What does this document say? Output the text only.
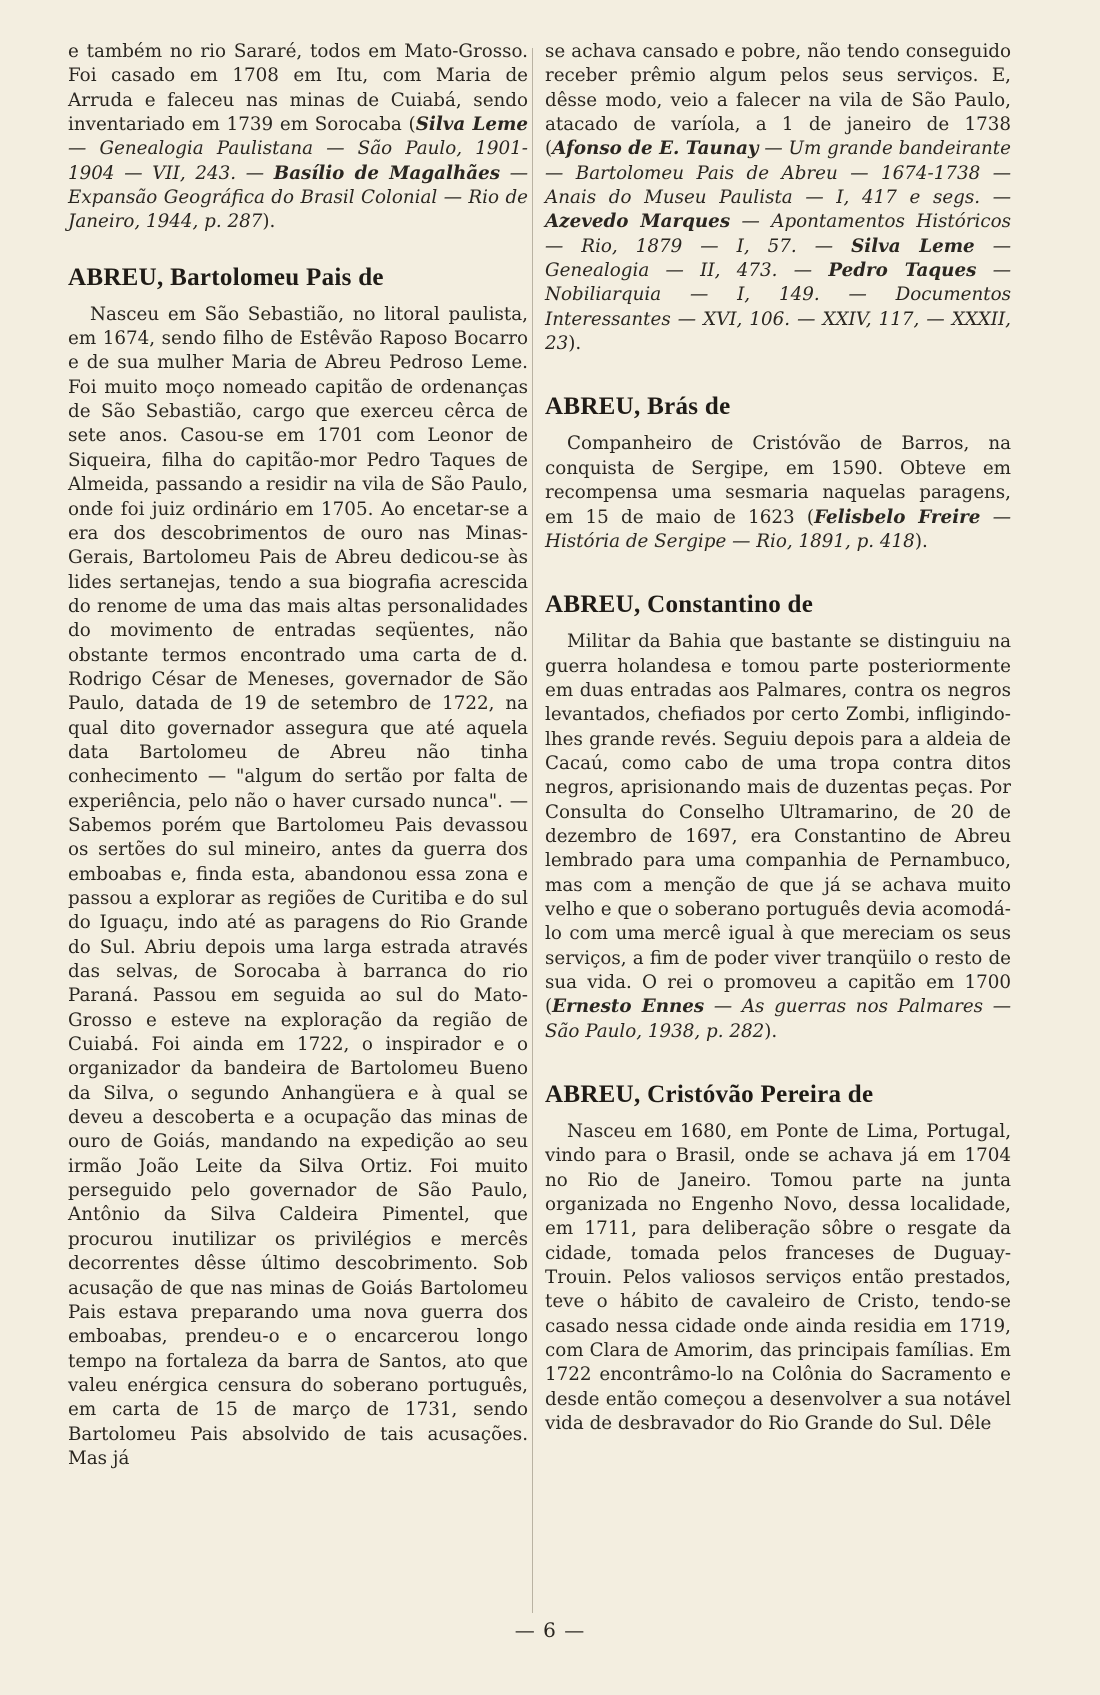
e também no rio Sararé, todos em Mato-Grosso. Foi casado em 1708 em Itu, com Maria de Arruda e faleceu nas minas de Cuiabá, sendo inventariado em 1739 em Sorocaba (Silva Leme — Genealogia Paulistana — São Paulo, 1901-1904 — VII, 243. — Basílio de Magalhães — Expansão Geográfica do Brasil Colonial — Rio de Janeiro, 1944, p. 287).

ABREU, Bartolomeu Pais de

Nasceu em São Sebastião, no litoral paulista, em 1674, sendo filho de Estêvão Raposo Bocarro e de sua mulher Maria de Abreu Pedroso Leme. Foi muito moço nomeado capitão de ordenanças de São Sebastião, cargo que exerceu cêrca de sete anos. Casou-se em 1701 com Leonor de Siqueira, filha do capitão-mor Pedro Taques de Almeida, passando a residir na vila de São Paulo, onde foi juiz ordinário em 1705. Ao encetar-se a era dos descobrimentos de ouro nas Minas-Gerais, Bartolomeu Pais de Abreu dedicou-se às lides sertanejas, tendo a sua biografia acrescida do renome de uma das mais altas personalidades do movimento de entradas seqüentes, não obstante termos encontrado uma carta de d. Rodrigo César de Meneses, governador de São Paulo, datada de 19 de setembro de 1722, na qual dito governador assegura que até aquela data Bartolomeu de Abreu não tinha conhecimento — "algum do sertão por falta de experiência, pelo não o haver cursado nunca". — Sabemos porém que Bartolomeu Pais devassou os sertões do sul mineiro, antes da guerra dos emboabas e, finda esta, abandonou essa zona e passou a explorar as regiões de Curitiba e do sul do Iguaçu, indo até as paragens do Rio Grande do Sul. Abriu depois uma larga estrada através das selvas, de Sorocaba à barranca do rio Paraná. Passou em seguida ao sul do Mato-Grosso e esteve na exploração da região de Cuiabá. Foi ainda em 1722, o inspirador e o organizador da bandeira de Bartolomeu Bueno da Silva, o segundo Anhangüera e à qual se deveu a descoberta e a ocupação das minas de ouro de Goiás, mandando na expedição ao seu irmão João Leite da Silva Ortiz. Foi muito perseguido pelo governador de São Paulo, Antônio da Silva Caldeira Pimentel, que procurou inutilizar os privilégios e mercês decorrentes dêsse último descobrimento. Sob acusação de que nas minas de Goiás Bartolomeu Pais estava preparando uma nova guerra dos emboabas, prendeu-o e o encarcerou longo tempo na fortaleza da barra de Santos, ato que valeu enérgica censura do soberano português, em carta de 15 de março de 1731, sendo Bartolomeu Pais absolvido de tais acusações. Mas já

se achava cansado e pobre, não tendo conseguido receber prêmio algum pelos seus serviços. E, dêsse modo, veio a falecer na vila de São Paulo, atacado de varíola, a 1 de janeiro de 1738 (Afonso de E. Taunay — Um grande bandeirante — Bartolomeu Pais de Abreu — 1674-1738 — Anais do Museu Paulista — I, 417 e segs. — Azevedo Marques — Apontamentos Históricos — Rio, 1879 — I, 57. — Silva Leme — Genealogia — II, 473. — Pedro Taques — Nobiliarquia — I, 149. — Documentos Interessantes — XVI, 106. — XXIV, 117, — XXXII, 23).

ABREU, Brás de

Companheiro de Cristóvão de Barros, na conquista de Sergipe, em 1590. Obteve em recompensa uma sesmaria naquelas paragens, em 15 de maio de 1623 (Felisbelo Freire — História de Sergipe — Rio, 1891, p. 418).

ABREU, Constantino de

Militar da Bahia que bastante se distinguiu na guerra holandesa e tomou parte posteriormente em duas entradas aos Palmares, contra os negros levantados, chefiados por certo Zombi, infligindo-lhes grande revés. Seguiu depois para a aldeia de Cacaú, como cabo de uma tropa contra ditos negros, aprisionando mais de duzentas peças. Por Consulta do Conselho Ultramarino, de 20 de dezembro de 1697, era Constantino de Abreu lembrado para uma companhia de Pernambuco, mas com a menção de que já se achava muito velho e que o soberano português devia acomodá-lo com uma mercê igual à que mereciam os seus serviços, a fim de poder viver tranqüilo o resto de sua vida. O rei o promoveu a capitão em 1700 (Ernesto Ennes — As guerras nos Palmares — São Paulo, 1938, p. 282).

ABREU, Cristóvão Pereira de

Nasceu em 1680, em Ponte de Lima, Portugal, vindo para o Brasil, onde se achava já em 1704 no Rio de Janeiro. Tomou parte na junta organizada no Engenho Novo, dessa localidade, em 1711, para deliberação sôbre o resgate da cidade, tomada pelos franceses de Duguay-Trouin. Pelos valiosos serviços então prestados, teve o hábito de cavaleiro de Cristo, tendo-se casado nessa cidade onde ainda residia em 1719, com Clara de Amorim, das principais famílias. Em 1722 encontrâmo-lo na Colônia do Sacramento e desde então começou a desenvolver a sua notável vida de desbravador do Rio Grande do Sul. Dêle

— 6 —
